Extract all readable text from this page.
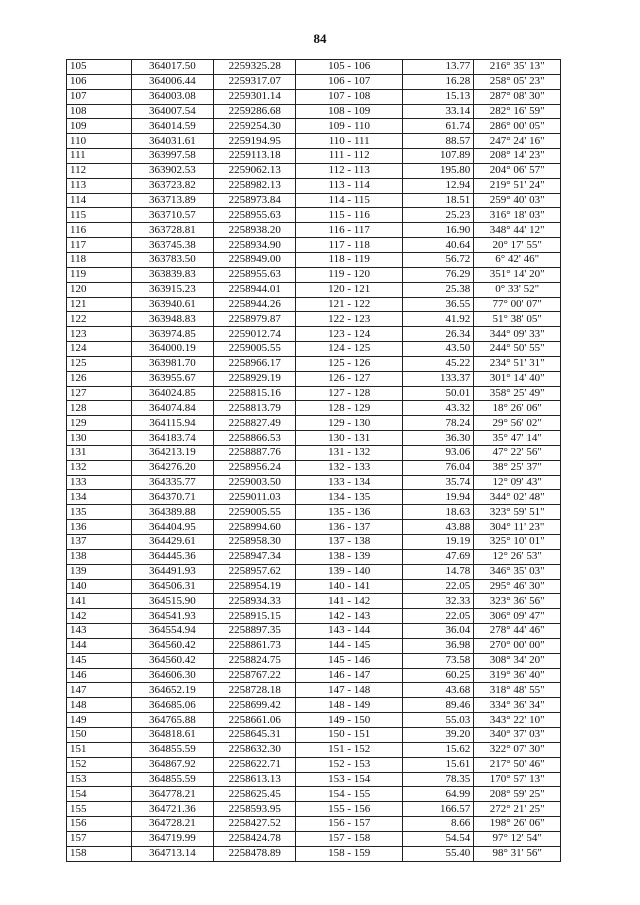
84
105	364017.50	2259325.28	105 - 106	13.77	216° 35' 13"
106	364006.44	2259317.07	106 - 107	16.28	258° 05' 23"
107	364003.08	2259301.14	107 - 108	15.13	287° 08' 30"
108	364007.54	2259286.68	108 - 109	33.14	282° 16' 59"
109	364014.59	2259254.30	109 - 110	61.74	286° 00' 05"
110	364031.61	2259194.95	110 - 111	88.57	247° 24' 16"
111	363997.58	2259113.18	111 - 112	107.89	208° 14' 23"
112	363902.53	2259062.13	112 - 113	195.80	204° 06' 57"
113	363723.82	2258982.13	113 - 114	12.94	219° 51' 24"
114	363713.89	2258973.84	114 - 115	18.51	259° 40' 03"
115	363710.57	2258955.63	115 - 116	25.23	316° 18' 03"
116	363728.81	2258938.20	116 - 117	16.90	348° 44' 12"
117	363745.38	2258934.90	117 - 118	40.64	20° 17' 55"
118	363783.50	2258949.00	118 - 119	56.72	6° 42' 46"
119	363839.83	2258955.63	119 - 120	76.29	351° 14' 20"
120	363915.23	2258944.01	120 - 121	25.38	0° 33' 52"
121	363940.61	2258944.26	121 - 122	36.55	77° 00' 07"
122	363948.83	2258979.87	122 - 123	41.92	51° 38' 05"
123	363974.85	2259012.74	123 - 124	26.34	344° 09' 33"
124	364000.19	2259005.55	124 - 125	43.50	244° 50' 55"
125	363981.70	2258966.17	125 - 126	45.22	234° 51' 31"
126	363955.67	2258929.19	126 - 127	133.37	301° 14' 40"
127	364024.85	2258815.16	127 - 128	50.01	358° 25' 49"
128	364074.84	2258813.79	128 - 129	43.32	18° 26' 06"
129	364115.94	2258827.49	129 - 130	78.24	29° 56' 02"
130	364183.74	2258866.53	130 - 131	36.30	35° 47' 14"
131	364213.19	2258887.76	131 - 132	93.06	47° 22' 56"
132	364276.20	2258956.24	132 - 133	76.04	38° 25' 37"
133	364335.77	2259003.50	133 - 134	35.74	12° 09' 43"
134	364370.71	2259011.03	134 - 135	19.94	344° 02' 48"
135	364389.88	2259005.55	135 - 136	18.63	323° 59' 51"
136	364404.95	2258994.60	136 - 137	43.88	304° 11' 23"
137	364429.61	2258958.30	137 - 138	19.19	325° 10' 01"
138	364445.36	2258947.34	138 - 139	47.69	12° 26' 53"
139	364491.93	2258957.62	139 - 140	14.78	346° 35' 03"
140	364506.31	2258954.19	140 - 141	22.05	295° 46' 30"
141	364515.90	2258934.33	141 - 142	32.33	323° 36' 56"
142	364541.93	2258915.15	142 - 143	22.05	306° 09' 47"
143	364554.94	2258897.35	143 - 144	36.04	278° 44' 46"
144	364560.42	2258861.73	144 - 145	36.98	270° 00' 00"
145	364560.42	2258824.75	145 - 146	73.58	308° 34' 20"
146	364606.30	2258767.22	146 - 147	60.25	319° 36' 40"
147	364652.19	2258728.18	147 - 148	43.68	318° 48' 55"
148	364685.06	2258699.42	148 - 149	89.46	334° 36' 34"
149	364765.88	2258661.06	149 - 150	55.03	343° 22' 10"
150	364818.61	2258645.31	150 - 151	39.20	340° 37' 03"
151	364855.59	2258632.30	151 - 152	15.62	322° 07' 30"
152	364867.92	2258622.71	152 - 153	15.61	217° 50' 46"
153	364855.59	2258613.13	153 - 154	78.35	170° 57' 13"
154	364778.21	2258625.45	154 - 155	64.99	208° 59' 25"
155	364721.36	2258593.95	155 - 156	166.57	272° 21' 25"
156	364728.21	2258427.52	156 - 157	8.66	198° 26' 06"
157	364719.99	2258424.78	157 - 158	54.54	97° 12' 54"
158	364713.14	2258478.89	158 - 159	55.40	98° 31' 56"
